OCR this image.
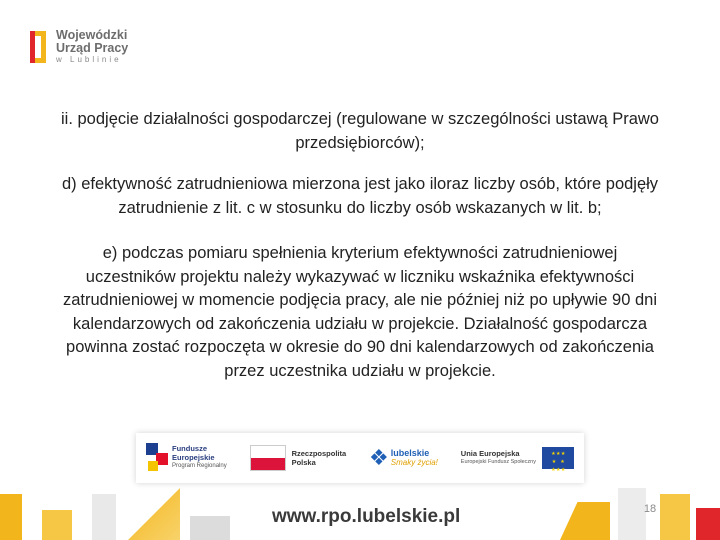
Wojewódzki
Urząd Pracy
w Lublinie

ii. podjęcie działalności gospodarczej (regulowane w szczególności ustawą Prawo przedsiębiorców);

d) efektywność zatrudnieniowa mierzona jest jako iloraz liczby osób, które podjęły zatrudnienie z lit. c w stosunku do liczby osób wskazanych w lit. b;

e) podczas pomiaru spełnienia kryterium efektywności zatrudnieniowej uczestników projektu należy wykazywać w liczniku wskaźnika efektywności zatrudnieniowej w momencie podjęcia pracy, ale nie później niż po upływie 90 dni kalendarzowych od zakończenia udziału w projekcie. Działalność gospodarcza powinna zostać rozpoczęta w okresie do 90 dni kalendarzowych od zakończenia przez uczestnika udziału w projekcie.

Fundusze
Europejskie
Program Regionalny
Rzeczpospolita
Polska	❖ lubelskie
Smaky życia!
Unia Europejska
Europejski Fundusz Społeczny
★ ★ ★
★     ★
★ ★ ★
www.rpo.lubelskie.pl	18
